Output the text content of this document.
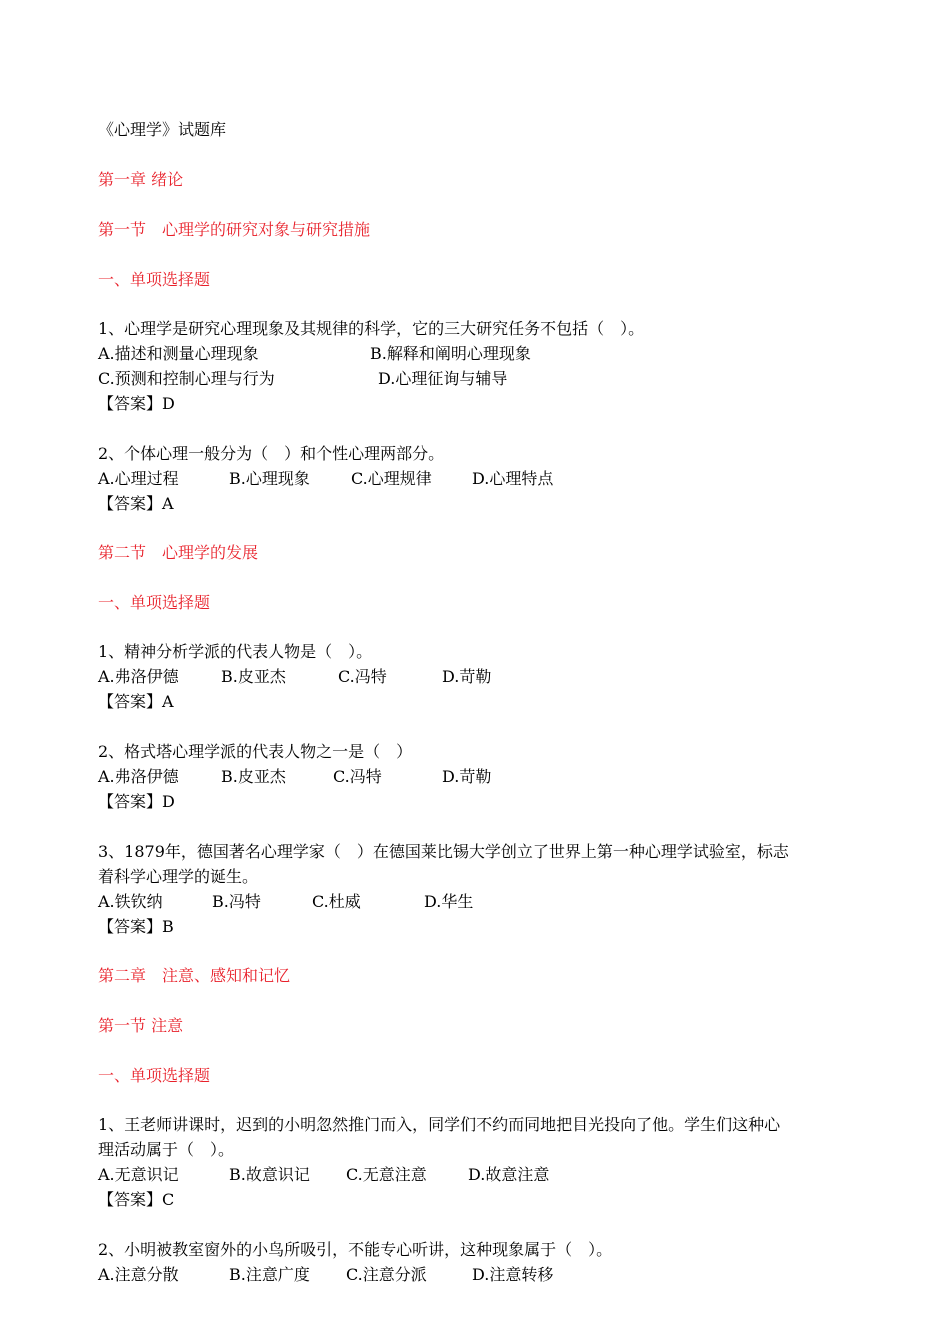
《心理学》试题库
第一章 绪论
第一节　心理学的研究对象与研究措施
一、单项选择题
1、心理学是研究心理现象及其规律的科学，它的三大研究任务不包括（　）。
A.描述和测量心理现象	B.解释和阐明心理现象
C.预测和控制心理与行为	D.心理征询与辅导
【答案】D
2、个体心理一般分为（　）和个性心理两部分。
A.心理过程	B.心理现象	C.心理规律	D.心理特点
【答案】A
第二节　心理学的发展
一、单项选择题
1、精神分析学派的代表人物是（　）。
A.弗洛伊德	B.皮亚杰	C.冯特	D.苛勒
【答案】A
2、格式塔心理学派的代表人物之一是（　）
A.弗洛伊德	B.皮亚杰	C.冯特	D.苛勒
【答案】D
3、1879年，德国著名心理学家（　）在德国莱比锡大学创立了世界上第一种心理学试验室，标志
着科学心理学的诞生。
A.铁钦纳	B.冯特	C.杜威	D.华生
【答案】B
第二章　注意、感知和记忆
第一节 注意
一、单项选择题
1、王老师讲课时，迟到的小明忽然推门而入，同学们不约而同地把目光投向了他。学生们这种心
理活动属于（　）。
A.无意识记	B.故意识记 C.无意注意	D.故意注意
【答案】C
2、小明被教室窗外的小鸟所吸引，不能专心听讲，这种现象属于（　）。
A.注意分散	B.注意广度 C.注意分派	D.注意转移
